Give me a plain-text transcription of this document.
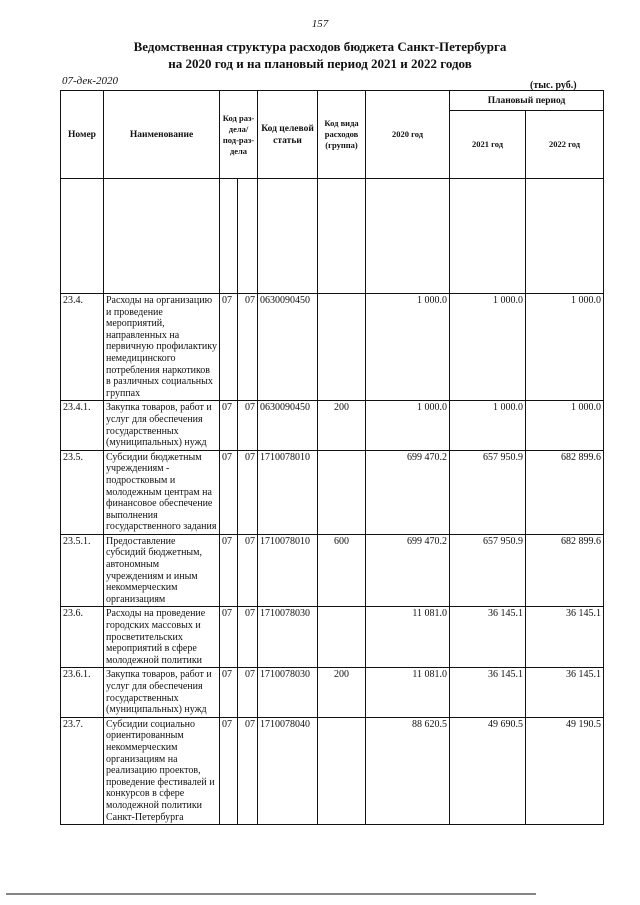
157
Ведомственная структура расходов бюджета Санкт-Петербурга
на 2020 год и на плановый период 2021 и 2022 годов
07-дек-2020	(тыс. руб.)
Номер	Наименование	Код раз-дела/ под-раз-дела		Код целевой статьи	Код вида расходов (группа)	2020 год	Плановый период	
							2021 год	2022 год

23.4.	Расходы на организацию и проведение мероприятий, направленных на первичную профилактику немедицинского потребления наркотиков в различных социальных группах	07	07	0630090450		1 000.0	1 000.0	1 000.0
23.4.1.	Закупка товаров, работ и услуг для обеспечения государственных (муниципальных) нужд	07	07	0630090450	200	1 000.0	1 000.0	1 000.0
23.5.	Субсидии бюджетным учреждениям - подростковым и молодежным центрам на финансовое обеспечение выполнения государственного задания	07	07	1710078010		699 470.2	657 950.9	682 899.6
23.5.1.	Предоставление субсидий бюджетным, автономным учреждениям и иным некоммерческим организациям	07	07	1710078010	600	699 470.2	657 950.9	682 899.6
23.6.	Расходы на проведение городских массовых и просветительских мероприятий в сфере молодежной политики	07	07	1710078030		11 081.0	36 145.1	36 145.1
23.6.1.	Закупка товаров, работ и услуг для обеспечения государственных (муниципальных) нужд	07	07	1710078030	200	11 081.0	36 145.1	36 145.1
23.7.	Субсидии социально ориентированным некоммерческим организациям на реализацию проектов, проведение фестивалей и конкурсов в сфере молодежной политики Санкт-Петербурга	07	07	1710078040		88 620.5	49 690.5	49 190.5
